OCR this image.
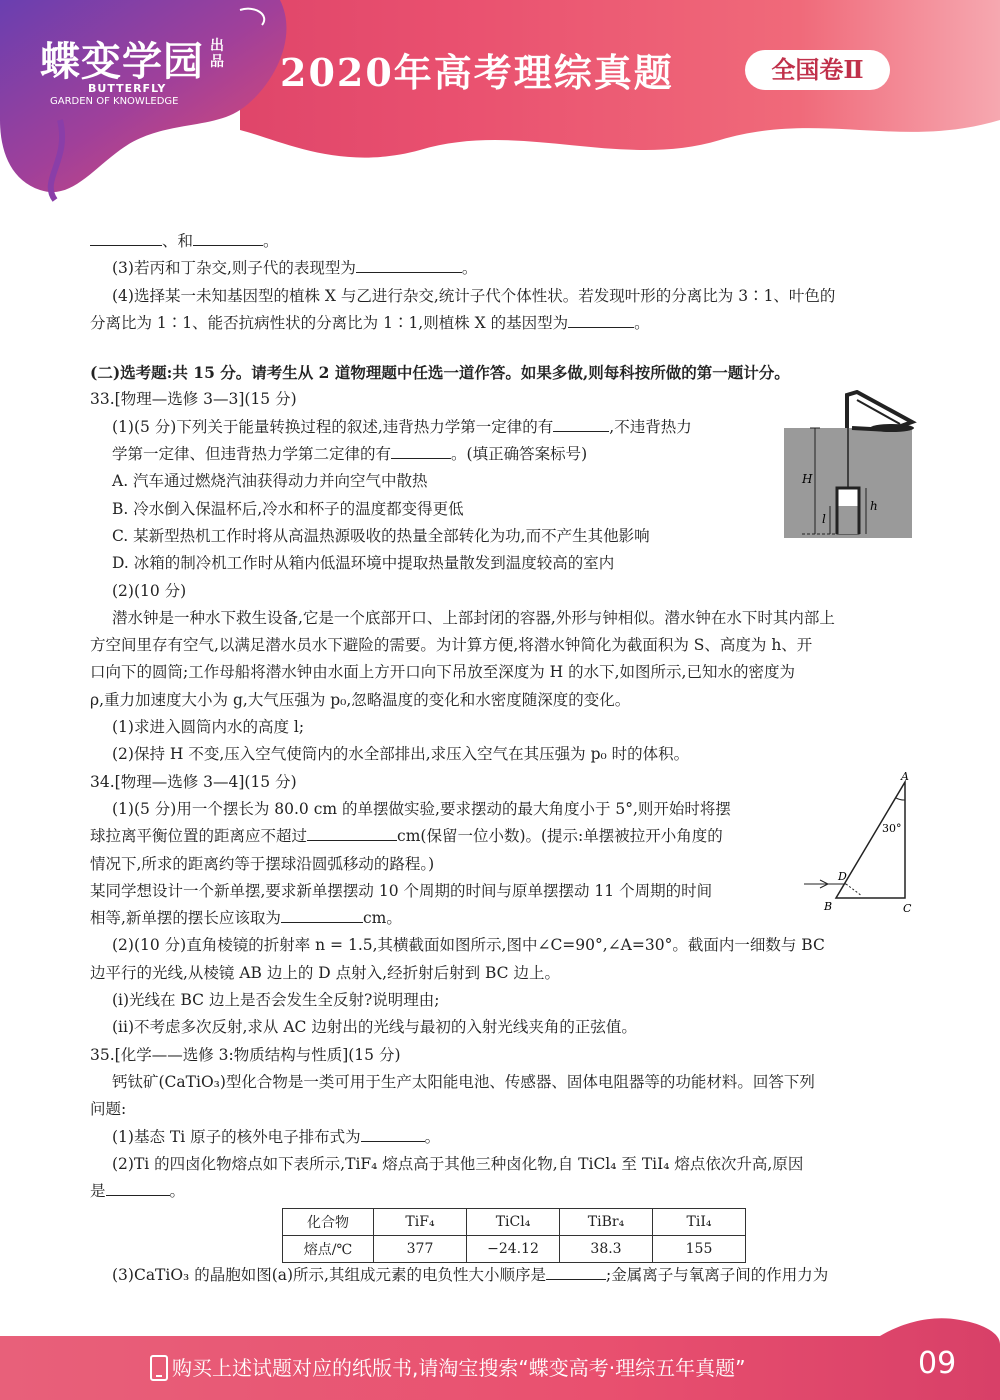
蝶变学园 出品
BUTTERFLY
GARDEN OF KNOWLEDGE
2020年高考理综真题	全国卷Ⅱ

、和	。

(3)若丙和丁杂交,则子代的表现型为	。

(4)选择某一未知基因型的植株 X 与乙进行杂交,统计子代个体性状。若发现叶形的分离比为 3∶1、叶色的

分离比为 1∶1、能否抗病性状的分离比为 1∶1,则植株 X 的基因型为	。

(二)选考题:共 15 分。请考生从 2 道物理题中任选一道作答。如果多做,则每科按所做的第一题计分。

33.[物理—选修 3—3](15 分)

(1)(5 分)下列关于能量转换过程的叙述,违背热力学第一定律的有	,不违背热力

学第一定律、但违背热力学第二定律的有	。(填正确答案标号)

A. 汽车通过燃烧汽油获得动力并向空气中散热

B. 冷水倒入保温杯后,冷水和杯子的温度都变得更低

C. 某新型热机工作时将从高温热源吸收的热量全部转化为功,而不产生其他影响

D. 冰箱的制冷机工作时从箱内低温环境中提取热量散发到温度较高的室内

(2)(10 分)

潜水钟是一种水下救生设备,它是一个底部开口、上部封闭的容器,外形与钟相似。潜水钟在水下时其内部上

方空间里存有空气,以满足潜水员水下避险的需要。为计算方便,将潜水钟简化为截面积为 S、高度为 h、开

口向下的圆筒;工作母船将潜水钟由水面上方开口向下吊放至深度为 H 的水下,如图所示,已知水的密度为

ρ,重力加速度大小为 g,大气压强为 p₀,忽略温度的变化和水密度随深度的变化。

(1)求进入圆筒内水的高度 l;

(2)保持 H 不变,压入空气使筒内的水全部排出,求压入空气在其压强为 p₀ 时的体积。

34.[物理—选修 3—4](15 分)

(1)(5 分)用一个摆长为 80.0 cm 的单摆做实验,要求摆动的最大角度小于 5°,则开始时将摆

球拉离平衡位置的距离应不超过	cm(保留一位小数)。(提示:单摆被拉开小角度的

情况下,所求的距离约等于摆球沿圆弧移动的路程。)

某同学想设计一个新单摆,要求新单摆摆动 10 个周期的时间与原单摆摆动 11 个周期的时间

相等,新单摆的摆长应该取为	cm。

(2)(10 分)直角棱镜的折射率 n = 1.5,其横截面如图所示,图中∠C=90°,∠A=30°。截面内一细数与 BC

边平行的光线,从棱镜 AB 边上的 D 点射入,经折射后射到 BC 边上。

(i)光线在 BC 边上是否会发生全反射?说明理由;

(ii)不考虑多次反射,求从 AC 边射出的光线与最初的入射光线夹角的正弦值。

35.[化学——选修 3:物质结构与性质](15 分)

钙钛矿(CaTiO₃)型化合物是一类可用于生产太阳能电池、传感器、固体电阻器等的功能材料。回答下列

问题:

(1)基态 Ti 原子的核外电子排布式为	。

(2)Ti 的四卤化物熔点如下表所示,TiF₄ 熔点高于其他三种卤化物,自 TiCl₄ 至 TiI₄ 熔点依次升高,原因

是	。

(3)CaTiO₃ 的晶胞如图(a)所示,其组成元素的电负性大小顺序是	;金属离子与氧离子间的作用力为

H
l
h
A
B	C
D
30°
化合物	TiF₄	TiCl₄	TiBr₄	TiI₄
熔点/℃	377	−24.12	38.3	155
购买上述试题对应的纸版书,请淘宝搜索“蝶变高考·理综五年真题”	09
